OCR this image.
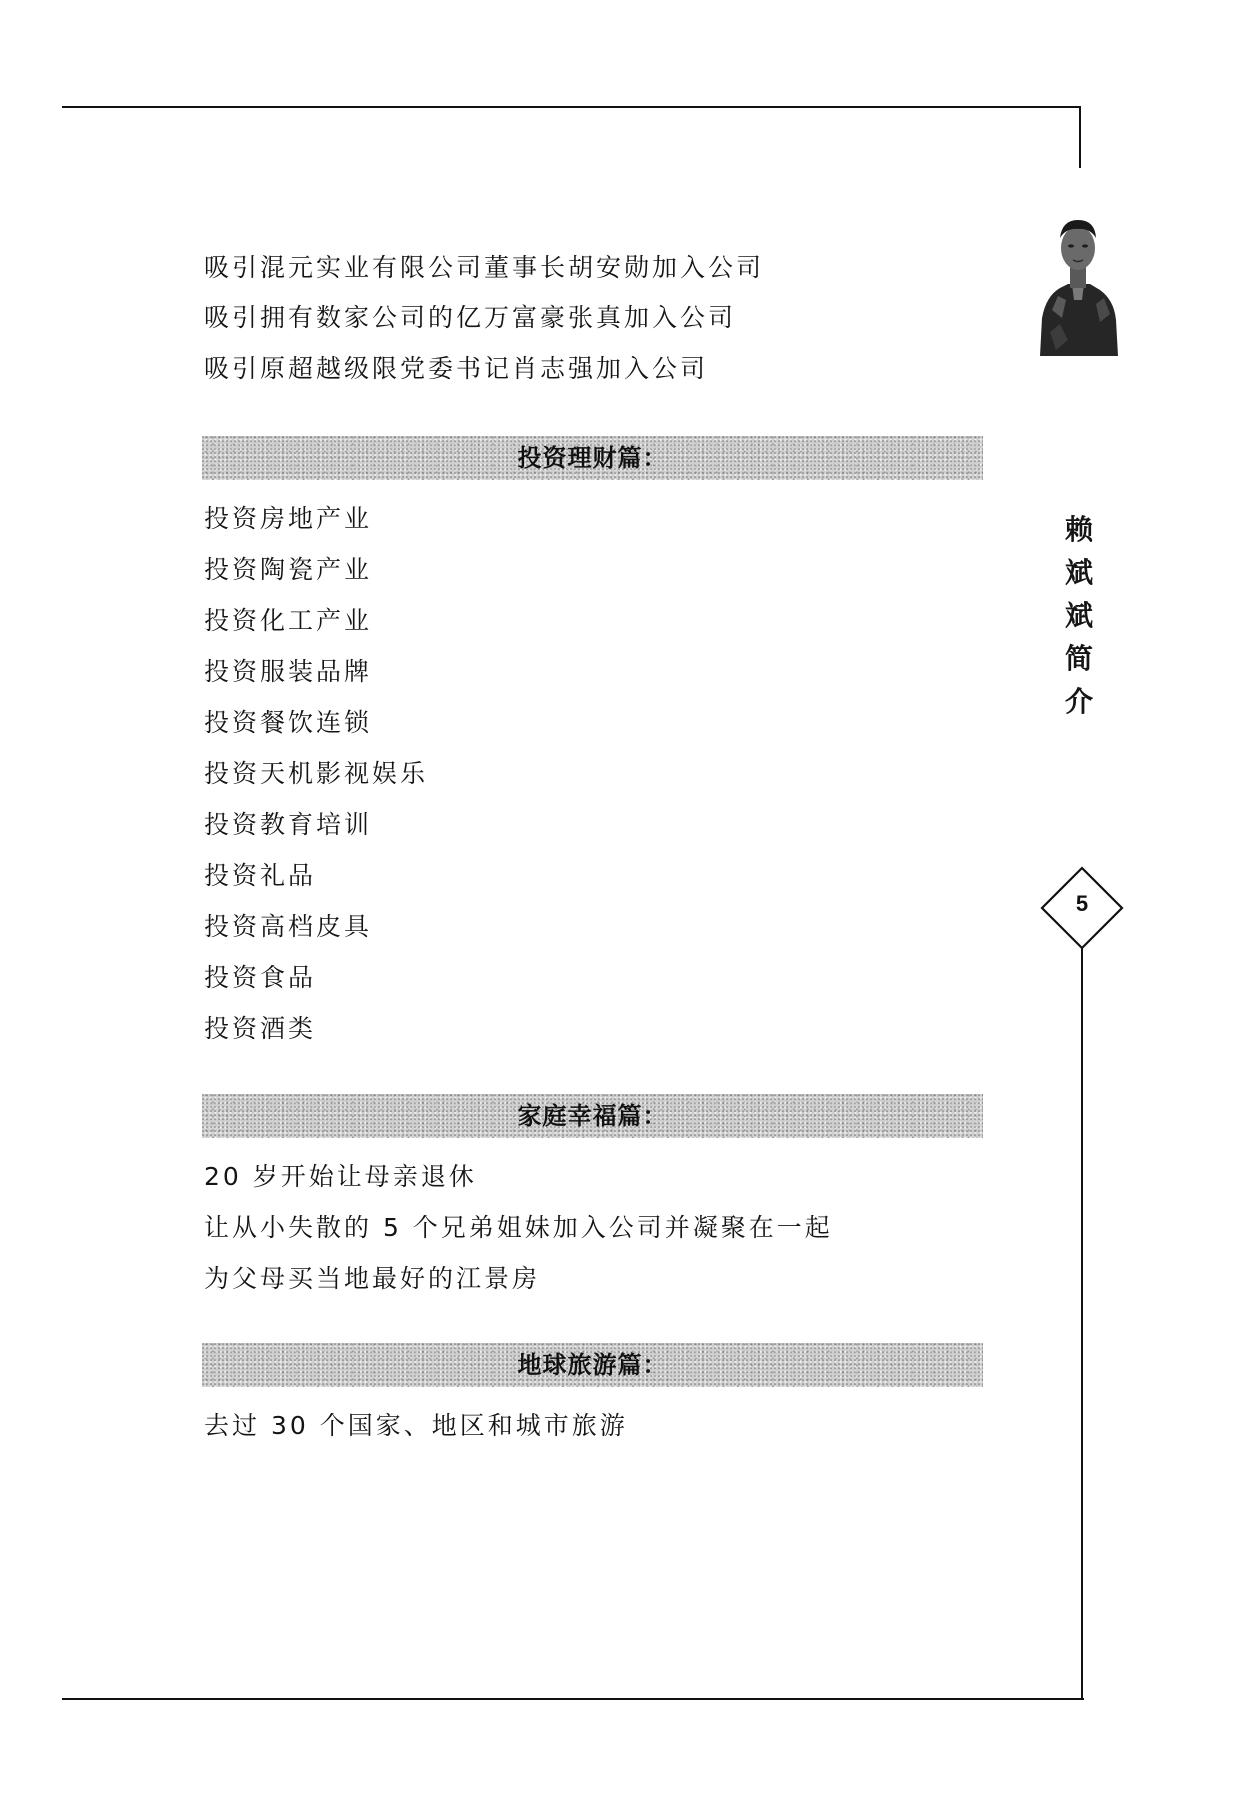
吸引混元实业有限公司董事长胡安勋加入公司
吸引拥有数家公司的亿万富豪张真加入公司
吸引原超越级限党委书记肖志强加入公司
投资理财篇：
投资房地产业
投资陶瓷产业
投资化工产业
投资服装品牌
投资餐饮连锁
投资天机影视娱乐
投资教育培训
投资礼品
投资高档皮具
投资食品
投资酒类
家庭幸福篇：
20 岁开始让母亲退休
让从小失散的 5 个兄弟姐妹加入公司并凝聚在一起
为父母买当地最好的江景房
地球旅游篇：
去过 30 个国家、地区和城市旅游
赖
斌
斌
简
介
5
